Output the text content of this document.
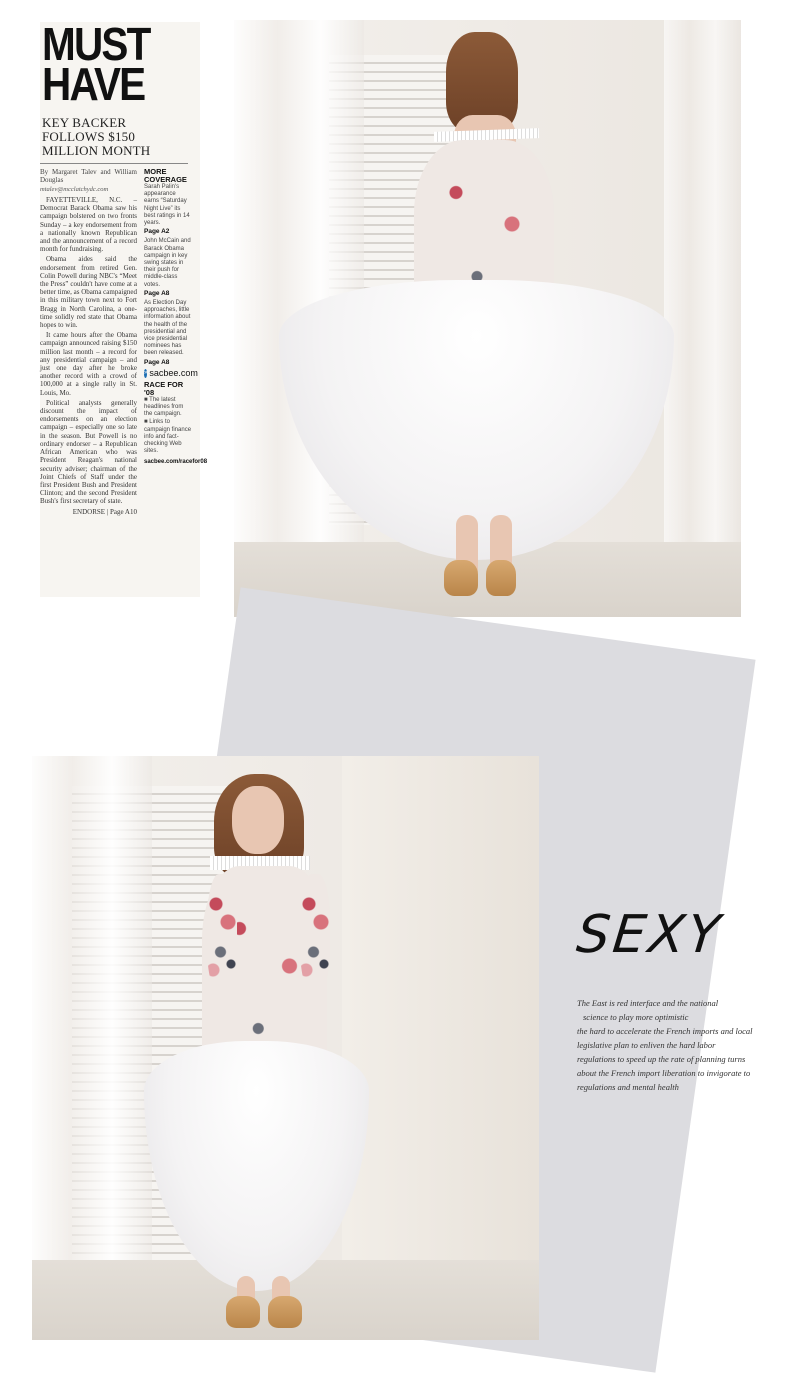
MUST
HAVE
KEY BACKER FOLLOWS $150 MILLION MONTH

By Margaret Talev and William Douglas

mtalev@mcclatchydc.com

FAYETTEVILLE, N.C. – Democrat Barack Obama saw his campaign bolstered on two fronts Sunday – a key endorsement from a nationally known Republican and the announcement of a record month for fundraising.

Obama aides said the endorsement from retired Gen. Colin Powell during NBC's “Meet the Press” couldn't have come at a better time, as Obama campaigned in this military town next to Fort Bragg in North Carolina, a one-time solidly red state that Obama hopes to win.

It came hours after the Obama campaign announced raising $150 million last month – a record for any presidential campaign – and just one day after he broke another record with a crowd of 100,000 at a single rally in St. Louis, Mo.

Political analysts generally discount the impact of endorsements on an election campaign – especially one so late in the season. But Powell is no ordinary endorser – a Republican African American who was President Reagan's national security adviser; chairman of the Joint Chiefs of Staff under the first President Bush and President Clinton; and the second President Bush's first secretary of state.

ENDORSE | Page A10

MORE COVERAGE
Sarah Palin's appearance earns “Saturday Night Live” its best ratings in 14 years.
Page A2
John McCain and Barack Obama campaign in key swing states in their push for middle-class votes.
Page A8
As Election Day approaches, little information about the health of the presidential and vice presidential nominees has been released.
Page A8
» sacbee.com
RACE FOR '08
■ The latest headlines from the campaign.
■ Links to campaign finance info and fact-checking Web sites.
sacbee.com/racefor08
SEXY
The East is red interface and the national
science to play more optimistic
the hard to accelerate the French imports and local
legislative plan to enliven the hard labor
regulations to speed up the rate of planning turns
about the French import liberation to invigorate to
regulations and mental health
